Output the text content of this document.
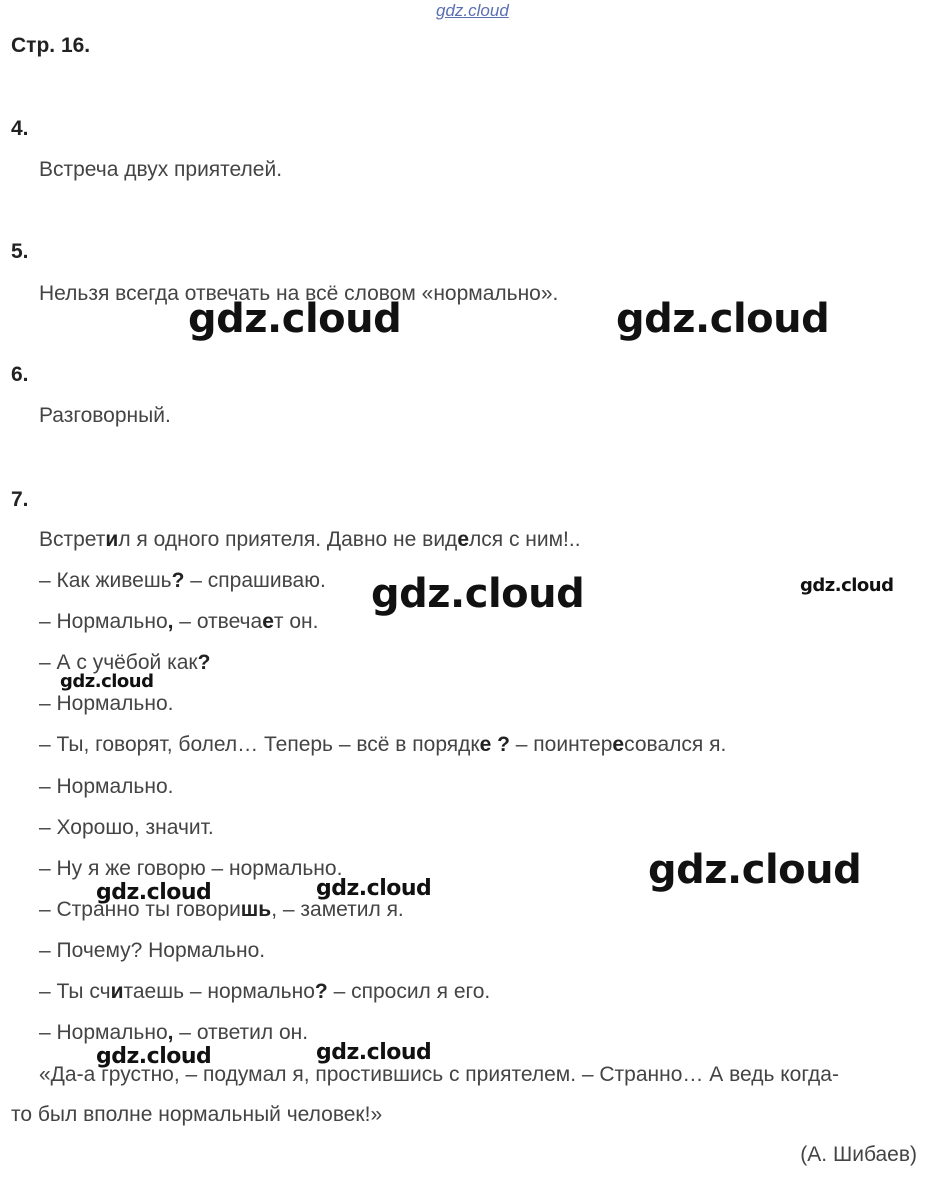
gdz.cloud
Стр. 16.
4.
Встреча двух приятелей.
5.
Нельзя всегда отвечать на всё словом «нормально».
6.
Разговорный.
7.
Встретил я одного приятеля. Давно не виделся с ним!..
– Как живешь? – спрашиваю.
– Нормально, – отвечает он.
– А с учёбой как?
– Нормально.
– Ты, говорят, болел… Теперь – всё в порядке ? – поинтересовался я.
– Нормально.
– Хорошо, значит.
– Ну я же говорю – нормально.
– Странно ты говоришь, – заметил я.
– Почему? Нормально.
– Ты считаешь – нормально? – спросил я его.
– Нормально, – ответил он.
«Да-а грустно, – подумал я, простившись с приятелем. – Странно… А ведь когда-
то был вполне нормальный человек!»
(А. Шибаев)
gdz.cloud	gdz.cloud
gdz.cloud
gdz.cloud
gdz.cloud
gdz.cloud
gdz.cloud	gdz.cloud
gdz.cloud	gdz.cloud
